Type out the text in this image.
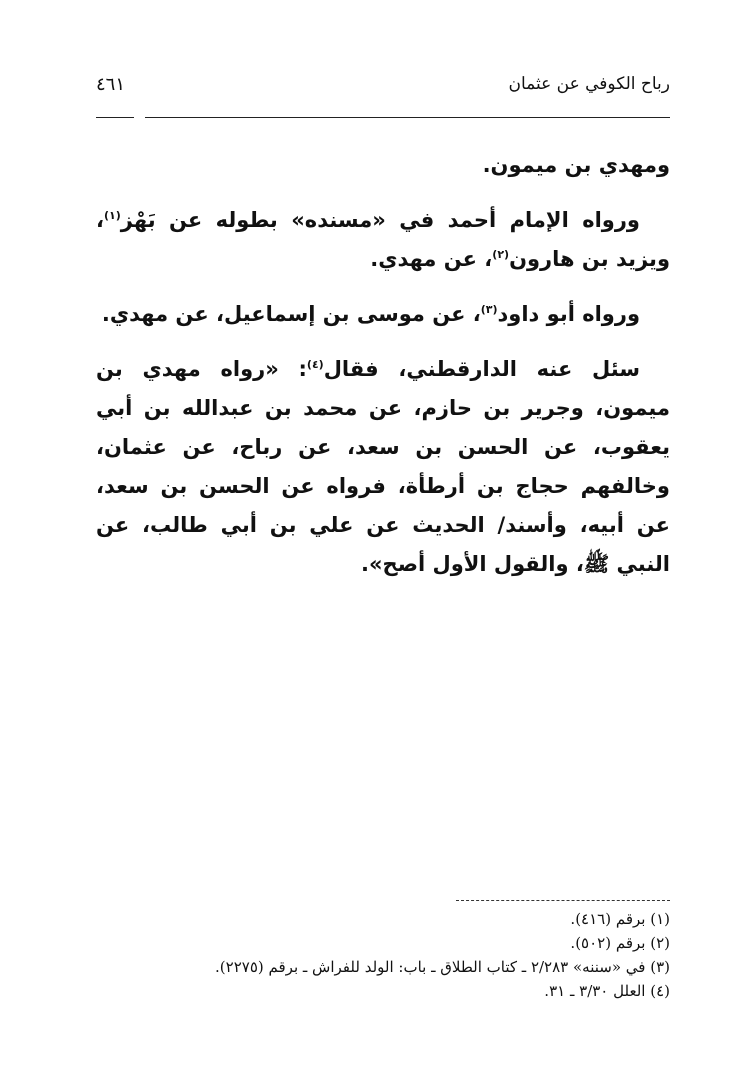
رباح الكوفي عن عثمان
٤٦١

ومهدي بن ميمون.

ورواه الإمام أحمد في «مسنده» بطوله عن بَهْز$^{(١)}$، ويزيد بن هارون$^{(٢)}$، عن مهدي.

ورواه أبو داود$^{(٣)}$، عن موسى بن إسماعيل، عن مهدي.

سئل عنه الدارقطني، فقال$^{(٤)}$: «رواه مهدي بن ميمون، وجرير بن حازم، عن محمد بن عبدالله بن أبي يعقوب، عن الحسن بن سعد، عن رباح، عن عثمان، وخالفهم حجاج بن أرطأة، فرواه عن الحسن بن سعد، عن أبيه، وأسند/ الحديث عن علي بن أبي طالب، عن النبي ﷺ، والقول الأول أصح».

(١) برقم (٤١٦).
(٢) برقم (٥٠٢).
(٣) في «سننه» ٢/٢٨٣ ـ كتاب الطلاق ـ باب: الولد للفراش ـ برقم (٢٢٧٥).
(٤) العلل ٣/٣٠ ـ ٣١.
